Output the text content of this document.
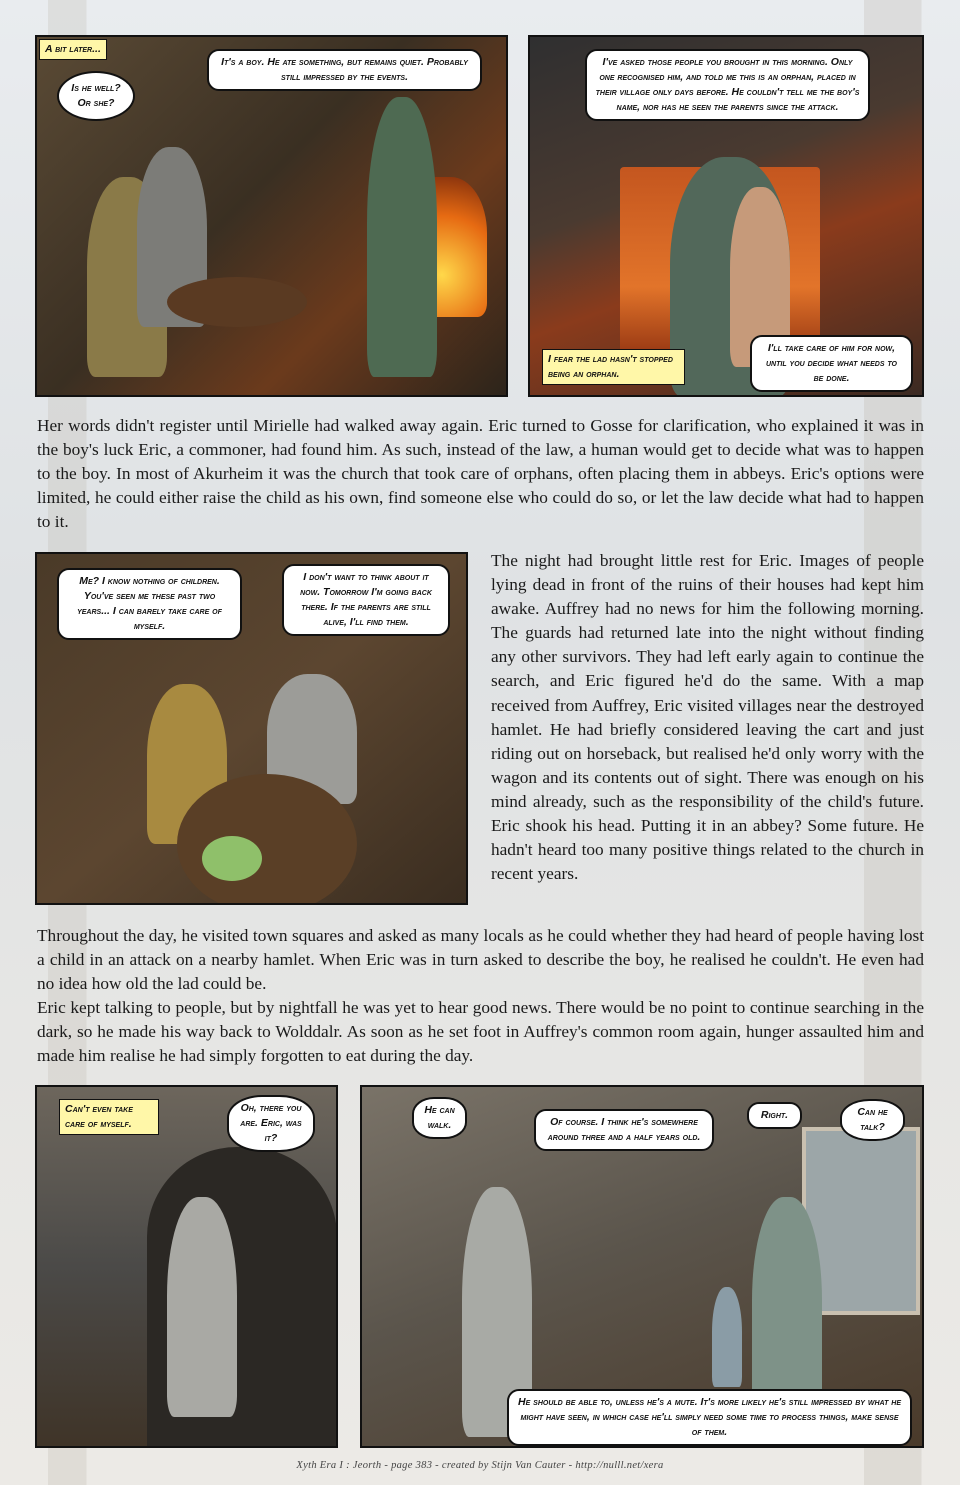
A bit later...
Is he well? Or she?
It's a boy. He ate something, but remains quiet. Probably still impressed by the events.
I've asked those people you brought in this morning. Only one recognised him, and told me this is an orphan, placed in their village only days before. He couldn't tell me the boy's name, nor has he seen the parents since the attack.
I fear the lad hasn't stopped being an orphan.
I'll take care of him for now, until you decide what needs to be done.
Her words didn't register until Mirielle had walked away again. Eric turned to Gosse for clarification, who explained it was in the boy's luck Eric, a commoner, had found him. As such, instead of the law, a human would get to decide what was to happen to the boy. In most of Akurheim it was the church that took care of orphans, often placing them in abbeys. Eric's options were limited, he could either raise the child as his own, find someone else who could do so, or let the law decide what had to happen to it.
Me? I know nothing of children. You've seen me these past two years... I can barely take care of myself.
I don't want to think about it now. Tomorrow I'm going back there. If the parents are still alive, I'll find them.
The night had brought little rest for Eric. Images of people lying dead in front of the ruins of their houses had kept him awake. Auffrey had no news for him the following morning. The guards had returned late into the night without finding any other survivors. They had left early again to continue the search, and Eric figured he'd do the same. With a map received from Auffrey, Eric visited villages near the destroyed hamlet. He had briefly considered leaving the cart and just riding out on horseback, but realised he'd only worry with the wagon and its contents out of sight. There was enough on his mind already, such as the responsibility of the child's future. Eric shook his head. Putting it in an abbey? Some future. He hadn't heard too many positive things related to the church in recent years.

Throughout the day, he visited town squares and asked as many locals as he could whether they had heard of people having lost a child in an attack on a nearby hamlet. When Eric was in turn asked to describe the boy, he realised he couldn't. He even had no idea how old the lad could be.

Eric kept talking to people, but by nightfall he was yet to hear good news. There would be no point to continue searching in the dark, so he made his way back to Wolddalr. As soon as he set foot in Auffrey's common room again, hunger assaulted him and made him realise he had simply forgotten to eat during the day.

Can't even take care of myself.
Oh, there you are. Eric, was it?
He can walk.	Of course. I think he's somewhere around three and a half years old.
Right.	Can he talk?
He should be able to, unless he's a mute. It's more likely he's still impressed by what he might have seen, in which case he'll simply need some time to process things, make sense of them.
Xyth Era I : Jeorth - page 383 - created by Stijn Van Cauter - http://nulll.net/xera
